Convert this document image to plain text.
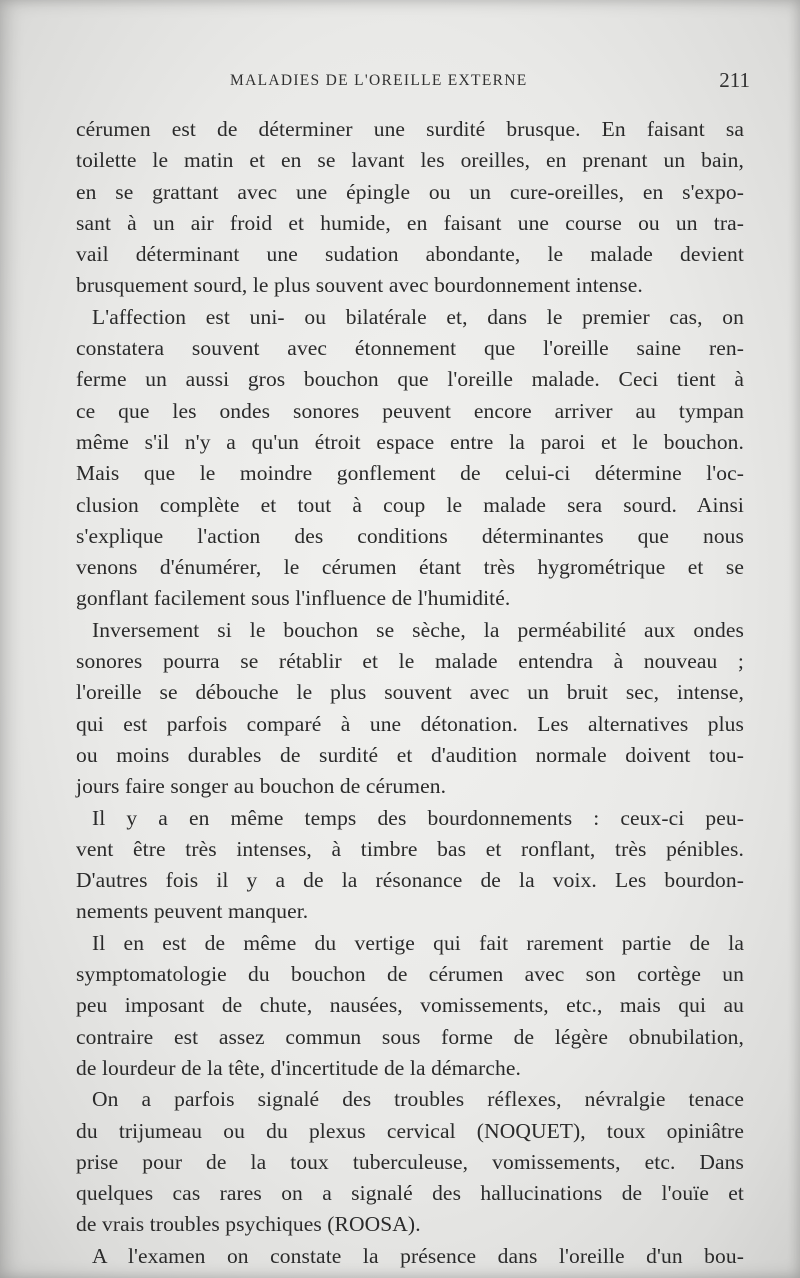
MALADIES DE L'OREILLE EXTERNE	211
cérumen est de déterminer une surdité brusque. En faisant sa
toilette le matin et en se lavant les oreilles, en prenant un bain,
en se grattant avec une épingle ou un cure-oreilles, en s'expo-
sant à un air froid et humide, en faisant une course ou un tra-
vail déterminant une sudation abondante, le malade devient
brusquement sourd, le plus souvent avec bourdonnement intense.
L'affection est uni- ou bilatérale et, dans le premier cas, on
constatera souvent avec étonnement que l'oreille saine ren-
ferme un aussi gros bouchon que l'oreille malade. Ceci tient à
ce que les ondes sonores peuvent encore arriver au tympan
même s'il n'y a qu'un étroit espace entre la paroi et le bouchon.
Mais que le moindre gonflement de celui-ci détermine l'oc-
clusion complète et tout à coup le malade sera sourd. Ainsi
s'explique l'action des conditions déterminantes que nous
venons d'énumérer, le cérumen étant très hygrométrique et se
gonflant facilement sous l'influence de l'humidité.
Inversement si le bouchon se sèche, la perméabilité aux ondes
sonores pourra se rétablir et le malade entendra à nouveau ;
l'oreille se débouche le plus souvent avec un bruit sec, intense,
qui est parfois comparé à une détonation. Les alternatives plus
ou moins durables de surdité et d'audition normale doivent tou-
jours faire songer au bouchon de cérumen.
Il y a en même temps des bourdonnements : ceux-ci peu-
vent être très intenses, à timbre bas et ronflant, très pénibles.
D'autres fois il y a de la résonance de la voix. Les bourdon-
nements peuvent manquer.
Il en est de même du vertige qui fait rarement partie de la
symptomatologie du bouchon de cérumen avec son cortège un
peu imposant de chute, nausées, vomissements, etc., mais qui au
contraire est assez commun sous forme de légère obnubilation,
de lourdeur de la tête, d'incertitude de la démarche.
On a parfois signalé des troubles réflexes, névralgie tenace
du trijumeau ou du plexus cervical (NOQUET), toux opiniâtre
prise pour de la toux tuberculeuse, vomissements, etc. Dans
quelques cas rares on a signalé des hallucinations de l'ouïe et
de vrais troubles psychiques (ROOSA).
A l'examen on constate la présence dans l'oreille d'un bou-
